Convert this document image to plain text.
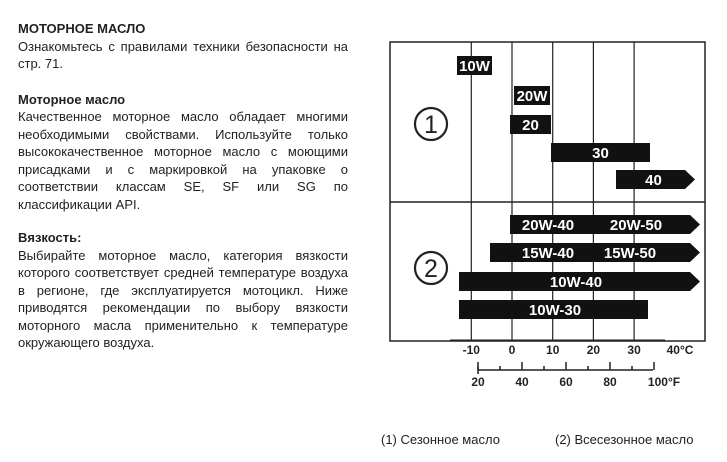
МОТОРНОЕ МАСЛО

Ознакомьтесь с правилами техники безопасности на стр. 71.

Моторное масло

Качественное моторное масло обладает многими необходимыми свойствами. Используйте только высококачественное моторное масло с моющими присадками и с маркировкой на упаковке о соответствии классам SE, SF или SG по классификации API.

Вязкость:

Выбирайте моторное масло, категория вязкости которого соответствует средней температуре воздуха в регионе, где эксплуатируется мотоцикл. Ниже приводятся рекомендации по выбору вязкости моторного масла применительно к температуре окружающего воздуха.

1
2
10W
20W
20
30
40
20W-40 20W-50
15W-40 15W-50
10W-40
10W-30
-10 0	10 20 30 40°C
20	40	60	80	100°F
(1) Сезонное масло	(2) Всесезонное масло
